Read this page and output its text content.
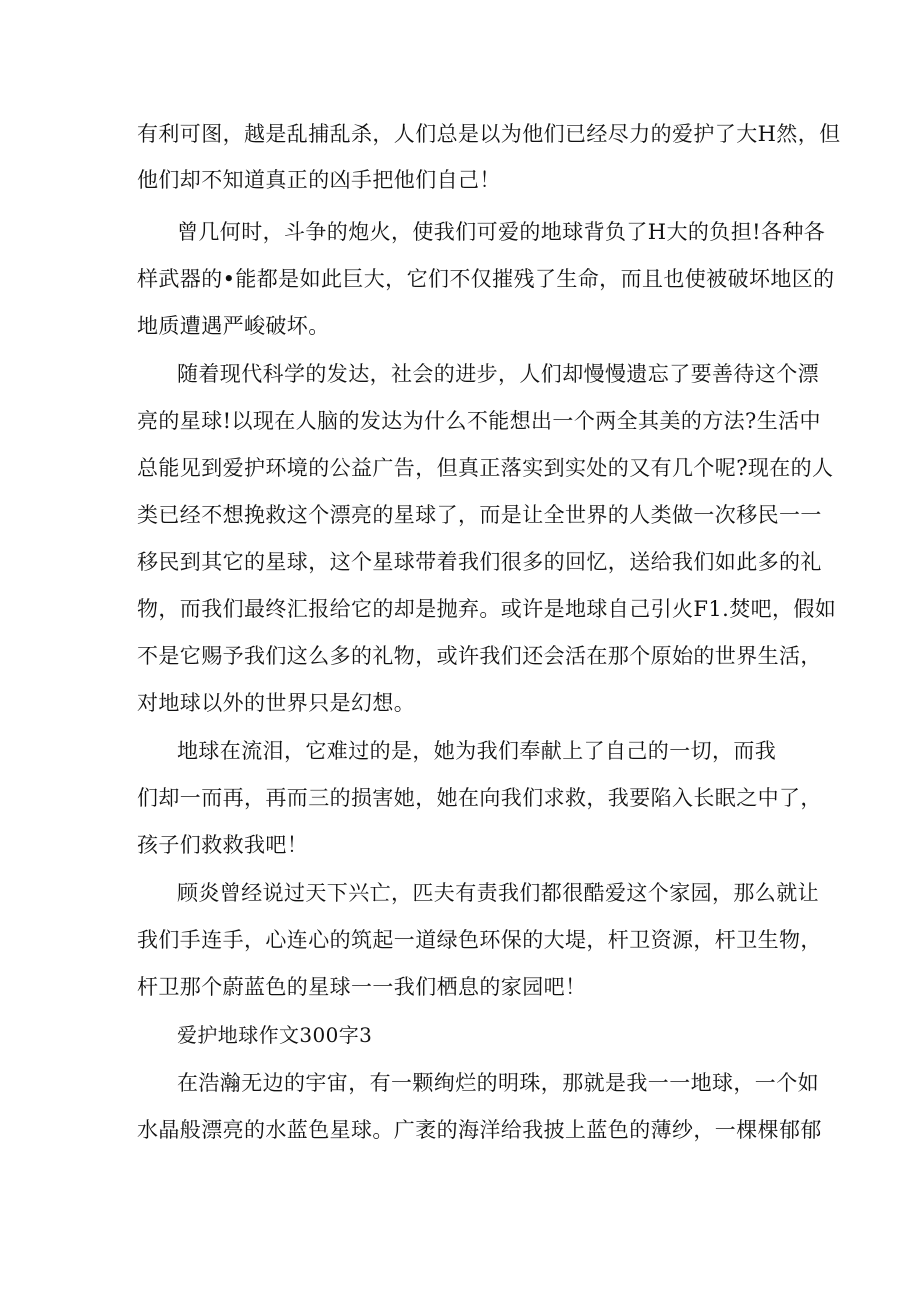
有利可图，越是乱捕乱杀，人们总是以为他们已经尽力的爱护了大H然，但
他们却不知道真正的凶手把他们自己！
曾几何时，斗争的炮火，使我们可爱的地球背负了H大的负担!各种各
样武器的•能都是如此巨大，它们不仅摧残了生命，而且也使被破坏地区的
地质遭遇严峻破坏。
随着现代科学的发达，社会的进步，人们却慢慢遗忘了要善待这个漂
亮的星球!以现在人脑的发达为什么不能想出一个两全其美的方法?生活中
总能见到爱护环境的公益广告，但真正落实到实处的又有几个呢?现在的人
类已经不想挽救这个漂亮的星球了，而是让全世界的人类做一次移民一一
移民到其它的星球，这个星球带着我们很多的回忆，送给我们如此多的礼
物，而我们最终汇报给它的却是抛弃。或许是地球自己引火F1.焚吧，假如
不是它赐予我们这么多的礼物，或许我们还会活在那个原始的世界生活，
对地球以外的世界只是幻想。
地球在流泪，它难过的是，她为我们奉献上了自己的一切，而我
们却一而再，再而三的损害她，她在向我们求救，我要陷入长眠之中了，
孩子们救救我吧！
顾炎曾经说过天下兴亡，匹夫有责我们都很酷爱这个家园，那么就让
我们手连手，心连心的筑起一道绿色环保的大堤，杆卫资源，杆卫生物，
杆卫那个蔚蓝色的星球一一我们栖息的家园吧！
爱护地球作文300字3
在浩瀚无边的宇宙，有一颗绚烂的明珠，那就是我一一地球，一个如
水晶般漂亮的水蓝色星球。广袤的海洋给我披上蓝色的薄纱，一棵棵郁郁
